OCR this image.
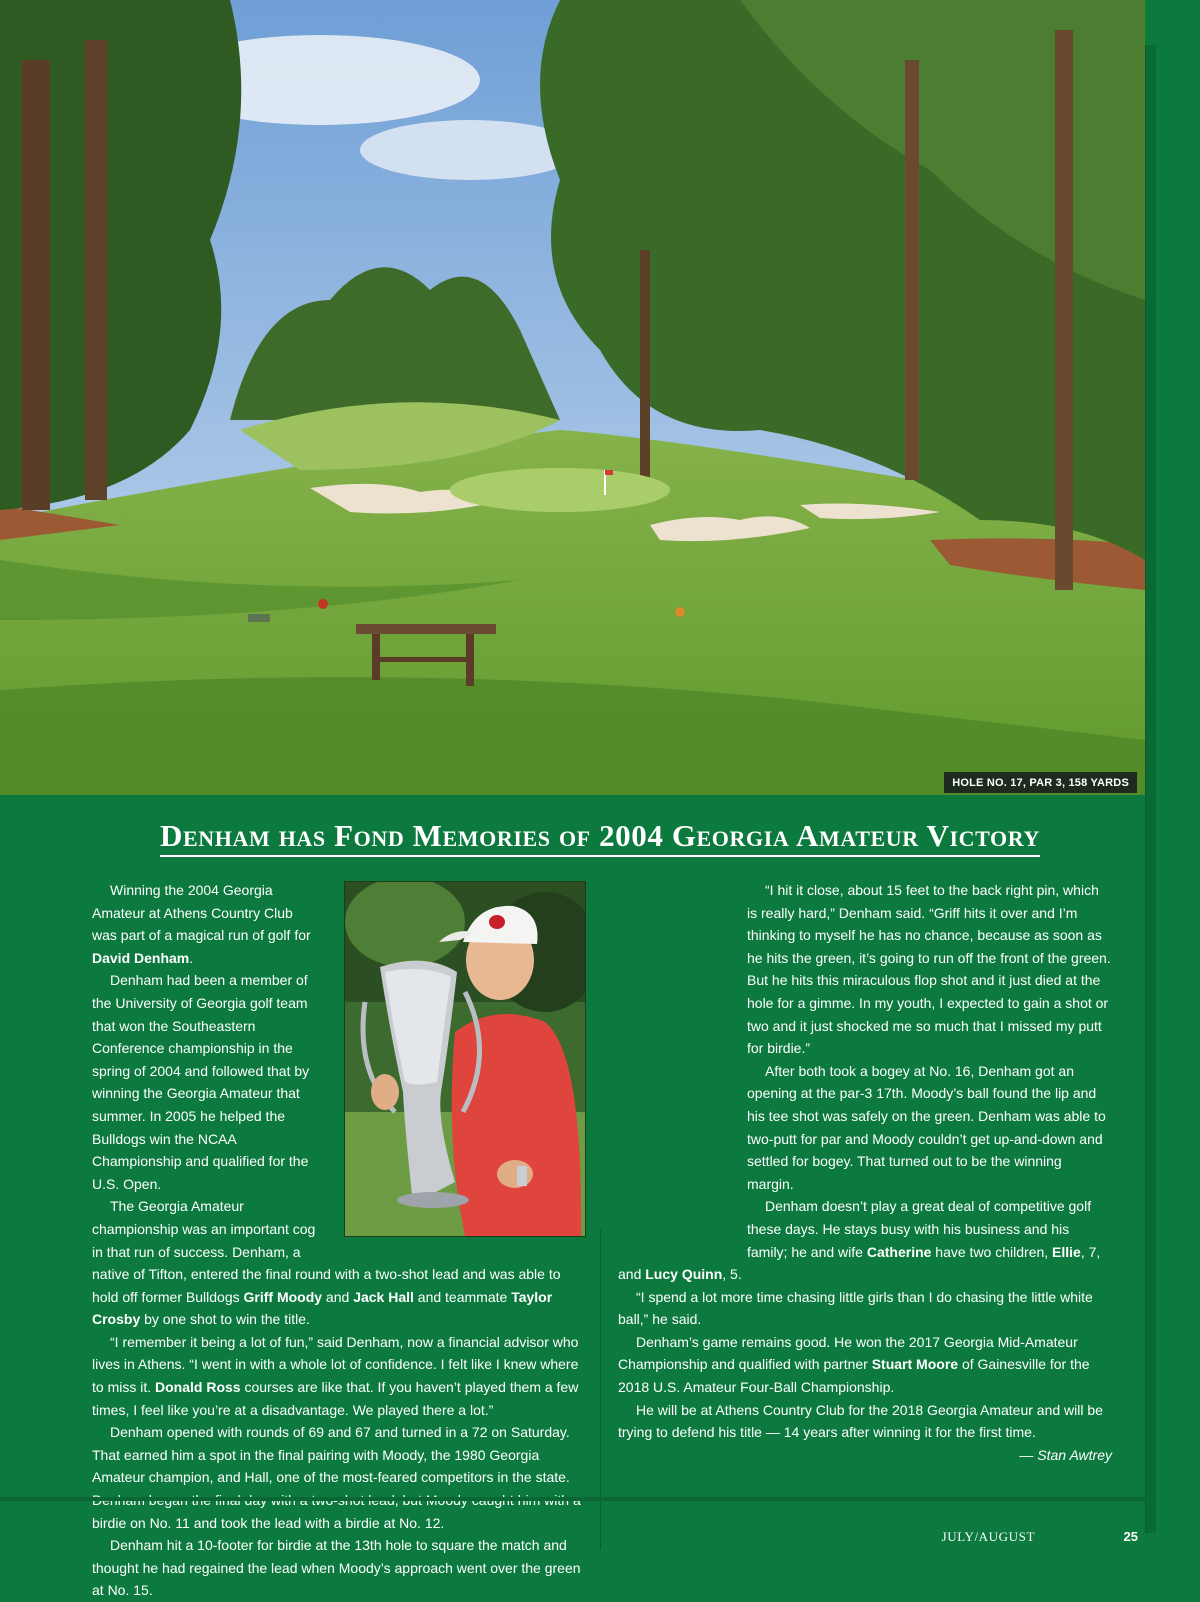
HOLE NO. 17, PAR 3, 158 YARDS
Denham has Fond Memories of 2004 Georgia Amateur Victory

Winning the 2004 Georgia Amateur at Athens Country Club was part of a magical run of golf for David Denham.

Denham had been a member of the University of Georgia golf team that won the Southeastern Conference championship in the spring of 2004 and followed that by winning the Georgia Amateur that summer. In 2005 he helped the Bulldogs win the NCAA Championship and qualified for the U.S. Open.

The Georgia Amateur championship was an important cog in that run of success. Denham, a native of Tifton, entered the final round with a two-shot lead and was able to hold off former Bulldogs Griff Moody and Jack Hall and teammate Taylor Crosby by one shot to win the title.

“I remember it being a lot of fun,” said Denham, now a financial advisor who lives in Athens. “I went in with a whole lot of confidence. I felt like I knew where to miss it. Donald Ross courses are like that. If you haven’t played them a few times, I feel like you’re at a disadvantage. We played there a lot.”

Denham opened with rounds of 69 and 67 and turned in a 72 on Saturday. That earned him a spot in the final pairing with Moody, the 1980 Georgia Amateur champion, and Hall, one of the most-feared competitors in the state. birdie on No. 11 and took the lead with a birdie at No. 12.

Denham hit a 10-footer for birdie at the 13th hole to square the match and thought he had regained the lead when Moody’s approach went over the green at No. 15.

“I hit it close, about 15 feet to the back right pin, which is really hard,” Denham said. “Griff hits it over and I’m thinking to myself he has no chance, because as soon as he hits the green, it’s going to run off the front of the green. But he hits this miraculous flop shot and it just died at the hole for a gimme. In my youth, I expected to gain a shot or two and it just shocked me so much that I missed my putt for birdie.”

After both took a bogey at No. 16, Denham got an opening at the par-3 17th. Moody’s ball found the lip and his tee shot was safely on the green. Denham was able to two-putt for par and Moody couldn’t get up-and-down and settled for bogey. That turned out to be the winning margin.

Denham doesn’t play a great deal of competitive golf these days. He stays busy with his business and his family; he and wife Catherine have two children, Ellie, 7, and Lucy Quinn, 5.

“I spend a lot more time chasing little girls than I do chasing the little white ball,” he said.

Denham’s game remains good. He won the 2017 Georgia Mid-Amateur Championship and qualified with partner Stuart Moore of Gainesville for the 2018 U.S. Amateur Four-Ball Championship.

He will be at Athens Country Club for the 2018 Georgia Amateur and will be trying to defend his title — 14 years after winning it for the first time.

— Stan Awtrey

JULY/AUGUST	25
